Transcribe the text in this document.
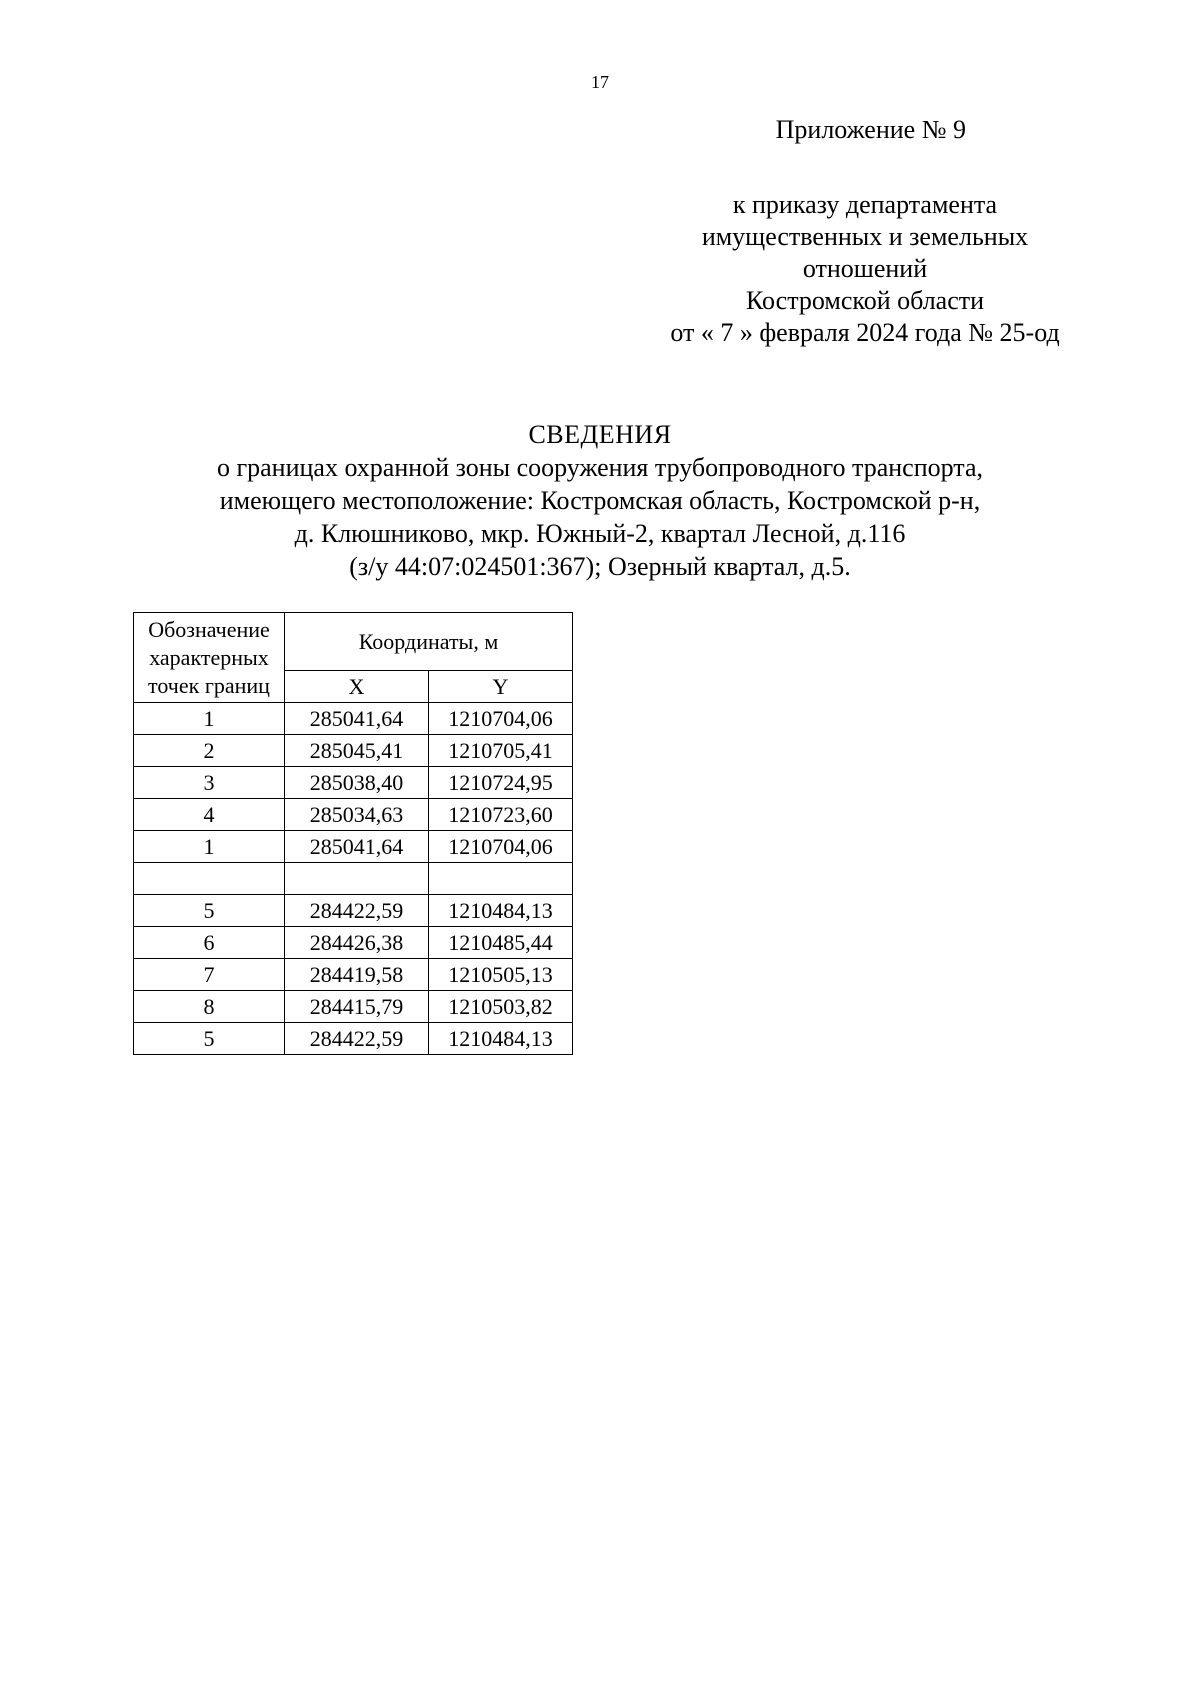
17
Приложение № 9
к приказу департамента
имущественных и земельных
отношений
Костромской области
от « 7 » февраля 2024 года № 25-од
СВЕДЕНИЯ
о границах охранной зоны сооружения трубопроводного транспорта,
имеющего местоположение: Костромская область, Костромской р-н,
д. Клюшниково, мкр. Южный-2, квартал Лесной, д.116
(з/у 44:07:024501:367); Озерный квартал, д.5.
Обозначение
характерных
точек границ	Координаты, м	
	X	Y
1	285041,64	1210704,06
2	285045,41	1210705,41
3	285038,40	1210724,95
4	285034,63	1210723,60
1	285041,64	1210704,06

5	284422,59	1210484,13
6	284426,38	1210485,44
7	284419,58	1210505,13
8	284415,79	1210503,82
5	284422,59	1210484,13
